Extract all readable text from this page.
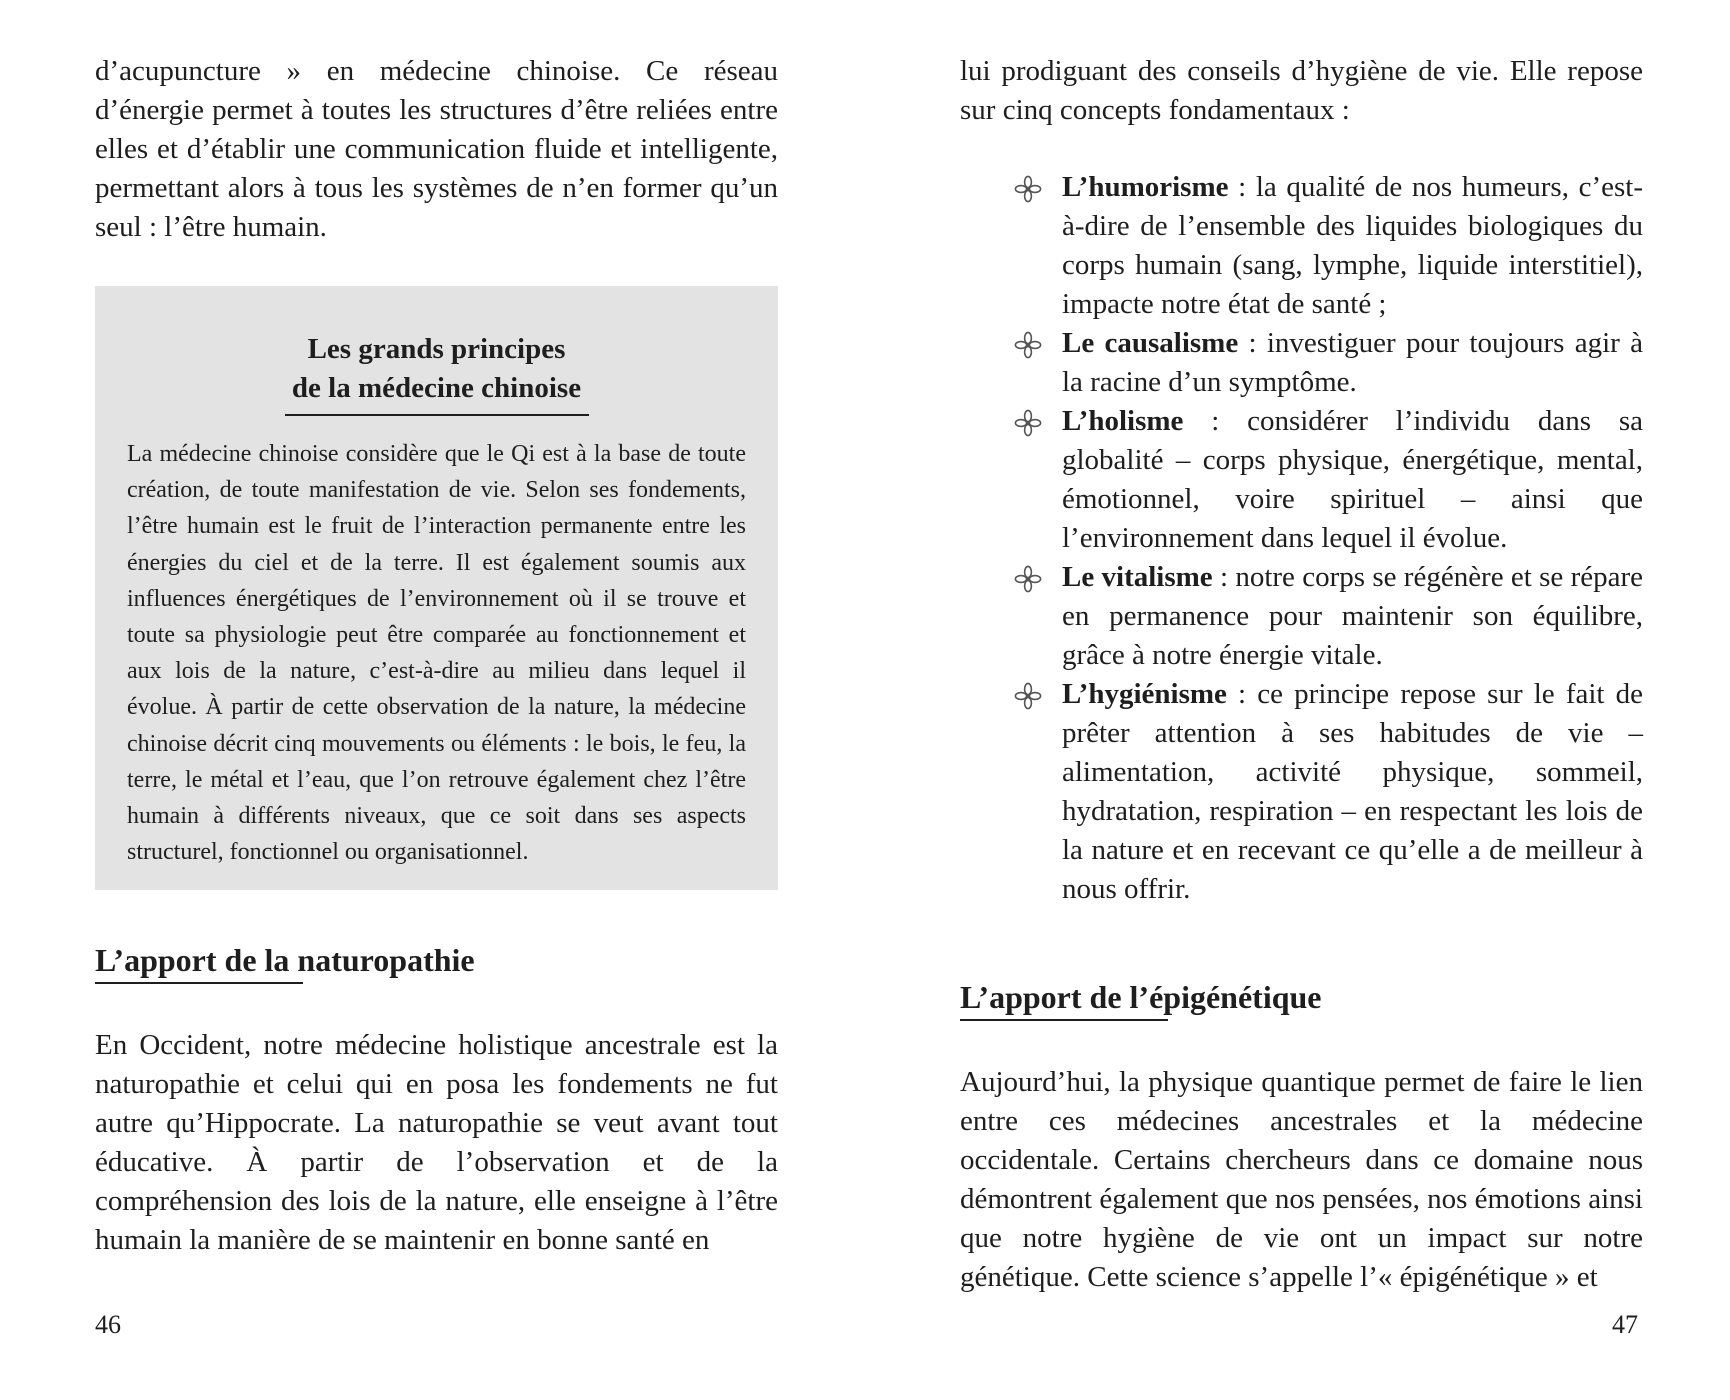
d’acupuncture » en médecine chinoise. Ce réseau d’énergie permet à toutes les structures d’être reliées entre elles et d’établir une communication fluide et intelligente, permettant alors à tous les systèmes de n’en former qu’un seul : l’être humain.

Les grands principes
de la médecine chinoise

La médecine chinoise considère que le Qi est à la base de toute création, de toute manifestation de vie. Selon ses fondements, l’être humain est le fruit de l’interaction permanente entre les énergies du ciel et de la terre. Il est également soumis aux influences énergétiques de l’environnement où il se trouve et toute sa physiologie peut être comparée au fonctionnement et aux lois de la nature, c’est-à-dire au milieu dans lequel il évolue. À partir de cette observation de la nature, la médecine chinoise décrit cinq mouvements ou éléments : le bois, le feu, la terre, le métal et l’eau, que l’on retrouve également chez l’être humain à différents niveaux, que ce soit dans ses aspects structurel, fonctionnel ou organisationnel.

L’apport de la naturopathie

En Occident, notre médecine holistique ancestrale est la naturopathie et celui qui en posa les fondements ne fut autre qu’Hippocrate. La naturopathie se veut avant tout éducative. À partir de l’observation et de la compréhension des lois de la nature, elle enseigne à l’être humain la manière de se maintenir en bonne santé en

lui prodiguant des conseils d’hygiène de vie. Elle repose sur cinq concepts fondamentaux :

L’humorisme : la qualité de nos humeurs, c’est-à-dire de l’ensemble des liquides biologiques du corps humain (sang, lymphe, liquide interstitiel), impacte notre état de santé ;
Le causalisme : investiguer pour toujours agir à la racine d’un symptôme.
L’holisme : considérer l’individu dans sa globalité – corps physique, énergétique, mental, émotionnel, voire spirituel – ainsi que l’environnement dans lequel il évolue.
Le vitalisme : notre corps se régénère et se répare en permanence pour maintenir son équilibre, grâce à notre énergie vitale.
L’hygiénisme : ce principe repose sur le fait de prêter attention à ses habitudes de vie – alimentation, activité physique, sommeil, hydratation, respiration – en respectant les lois de la nature et en recevant ce qu’elle a de meilleur à nous offrir.
L’apport de l’épigénétique

Aujourd’hui, la physique quantique permet de faire le lien entre ces médecines ancestrales et la médecine occidentale. Certains chercheurs dans ce domaine nous démontrent également que nos pensées, nos émotions ainsi que notre hygiène de vie ont un impact sur notre génétique. Cette science s’appelle l’« épigénétique » et

46	47
